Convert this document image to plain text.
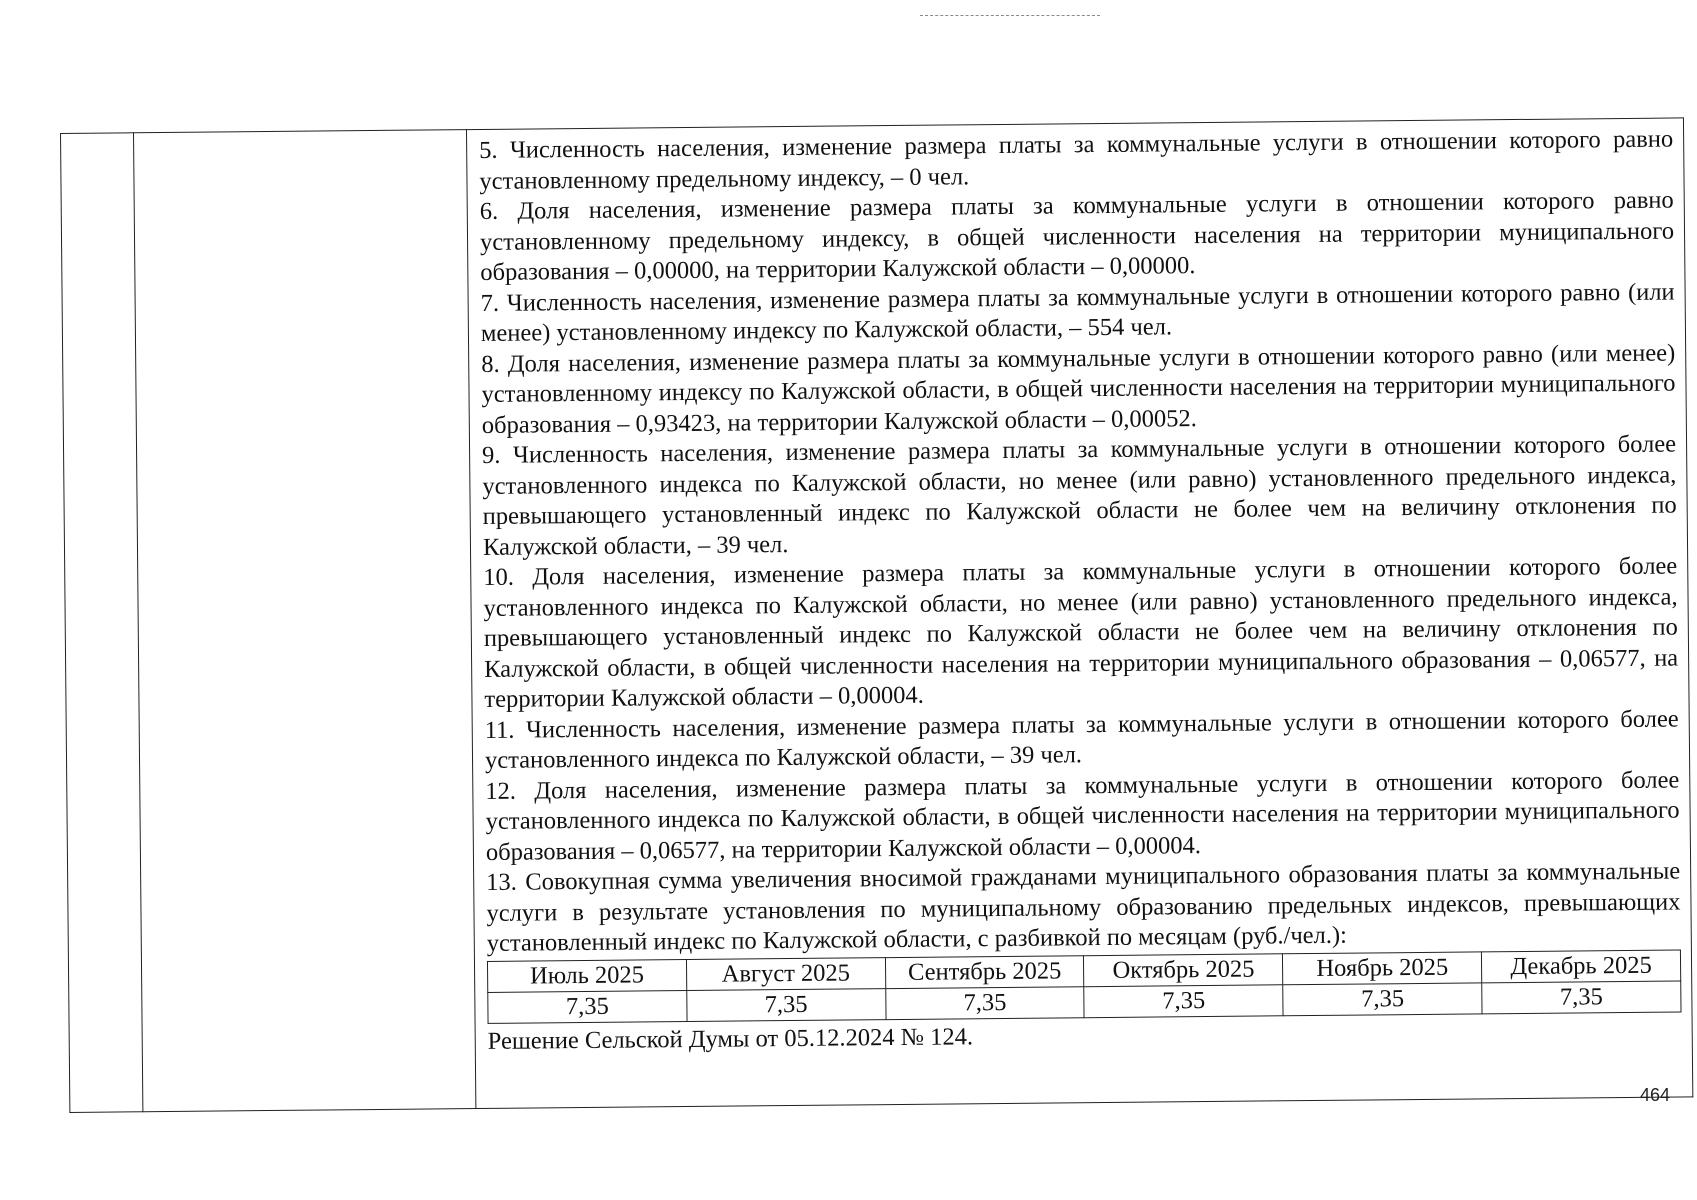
5. Численность населения, изменение размера платы за коммунальные услуги в отношении которого равно установленному предельному индексу, – 0 чел.

6. Доля населения, изменение размера платы за коммунальные услуги в отношении которого равно установленному предельному индексу, в общей численности населения на территории муниципального образования – 0,00000, на территории Калужской области – 0,00000.

7. Численность населения, изменение размера платы за коммунальные услуги в отношении которого равно (или менее) установленному индексу по Калужской области, – 554 чел.

8. Доля населения, изменение размера платы за коммунальные услуги в отношении которого равно (или менее) установленному индексу по Калужской области, в общей численности населения на территории муниципального образования – 0,93423, на территории Калужской области – 0,00052.

9. Численность населения, изменение размера платы за коммунальные услуги в отношении которого более установленного индекса по Калужской области, но менее (или равно) установленного предельного индекса, превышающего установленный индекс по Калужской области не более чем на величину отклонения по Калужской области, – 39 чел.

10. Доля населения, изменение размера платы за коммунальные услуги в отношении которого более установленного индекса по Калужской области, но менее (или равно) установленного предельного индекса, превышающего установленный индекс по Калужской области не более чем на величину отклонения по Калужской области, в общей численности населения на территории муниципального образования – 0,06577, на территории Калужской области – 0,00004.

11. Численность населения, изменение размера платы за коммунальные услуги в отношении которого более установленного индекса по Калужской области, – 39 чел.

12. Доля населения, изменение размера платы за коммунальные услуги в отношении которого более установленного индекса по Калужской области, в общей численности населения на территории муниципального образования – 0,06577, на территории Калужской области – 0,00004.

13. Совокупная сумма увеличения вносимой гражданами муниципального образования платы за коммунальные услуги в результате установления по муниципальному образованию предельных индексов, превышающих установленный индекс по Калужской области, с разбивкой по месяцам (руб./чел.):

Июль 2025	Август 2025	Сентябрь 2025	Октябрь 2025	Ноябрь 2025	Декабрь 2025
7,35	7,35	7,35	7,35	7,35	7,35

Решение Сельской Думы от 05.12.2024 № 124.

464
